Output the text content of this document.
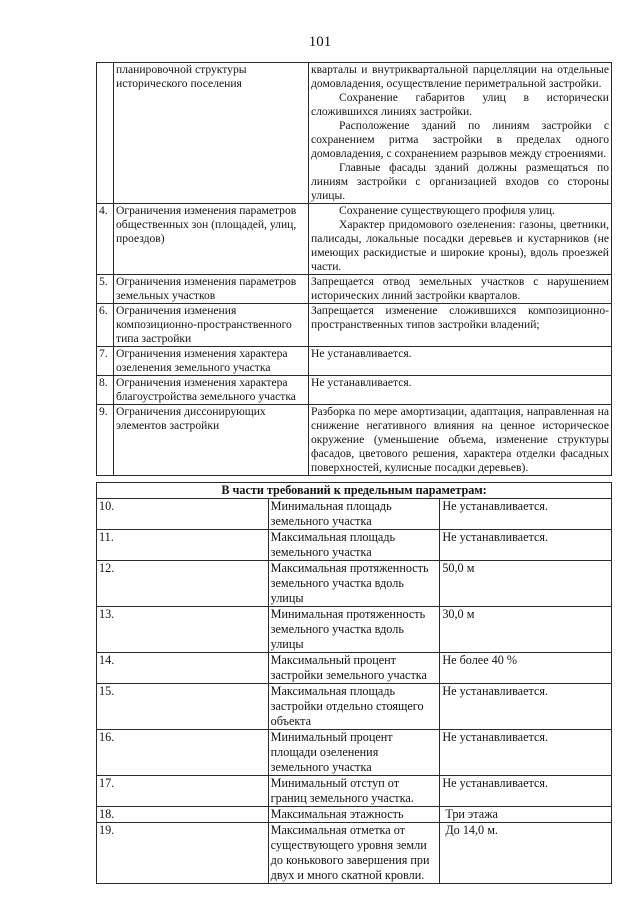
101
	планировочной структуры исторического поселения	кварталы и внутриквартальной парцелляции на отдельные домовладения, осуществление периметральной застройки.
Сохранение габаритов улиц в исторически сложившихся линиях застройки.
Расположение зданий по линиям застройки с сохранением ритма застройки в пределах одного домовладения, с сохранением разрывов между строениями.
Главные фасады зданий должны размещаться по линиям застройки с организацией входов со стороны улицы.

4.	Ограничения изменения параметров общественных зон (площадей, улиц, проездов)	Сохранение существующего профиля улиц.
Характер придомового озеленения: газоны, цветники, палисады, локальные посадки деревьев и кустарников (не имеющих раскидистые и широкие кроны), вдоль проезжей части.

5.	Ограничения изменения параметров земельных участков	Запрещается отвод земельных участков с нарушением исторических линий застройки кварталов.

6.	Ограничения изменения композиционно-пространственного типа застройки	Запрещается изменение сложившихся композиционно-пространственных типов застройки владений;

7.	Ограничения изменения характера озеленения земельного участка	Не устанавливается.

8.	Ограничения изменения характера благоустройства земельного участка	Не устанавливается.

9.	Ограничения диссонирующих элементов застройки	Разборка по мере амортизации, адаптация, направленная на снижение негативного влияния на ценное историческое окружение (уменьшение объема, изменение структуры фасадов, цветового решения, характера отделки фасадных поверхностей, кулисные посадки деревьев).
В части требований к предельным параметрам:		
10.	Минимальная площадь земельного участка	Не устанавливается.
11.	Максимальная площадь земельного участка	Не устанавливается.
12.	Максимальная протяженность земельного участка вдоль улицы	50,0 м
13.	Минимальная протяженность земельного участка вдоль улицы	30,0 м
14.	Максимальный процент застройки земельного участка	Не более 40 %
15.	Максимальная площадь застройки отдельно стоящего объекта	Не устанавливается.
16.	Минимальный процент площади озеленения земельного участка	Не устанавливается.
17.	Минимальный отступ от границ земельного участка.	Не устанавливается.
18.	Максимальная этажность	Три этажа
19.	Максимальная отметка от существующего уровня земли до конькового завершения при двух и много скатной кровли.	До 14,0 м.
